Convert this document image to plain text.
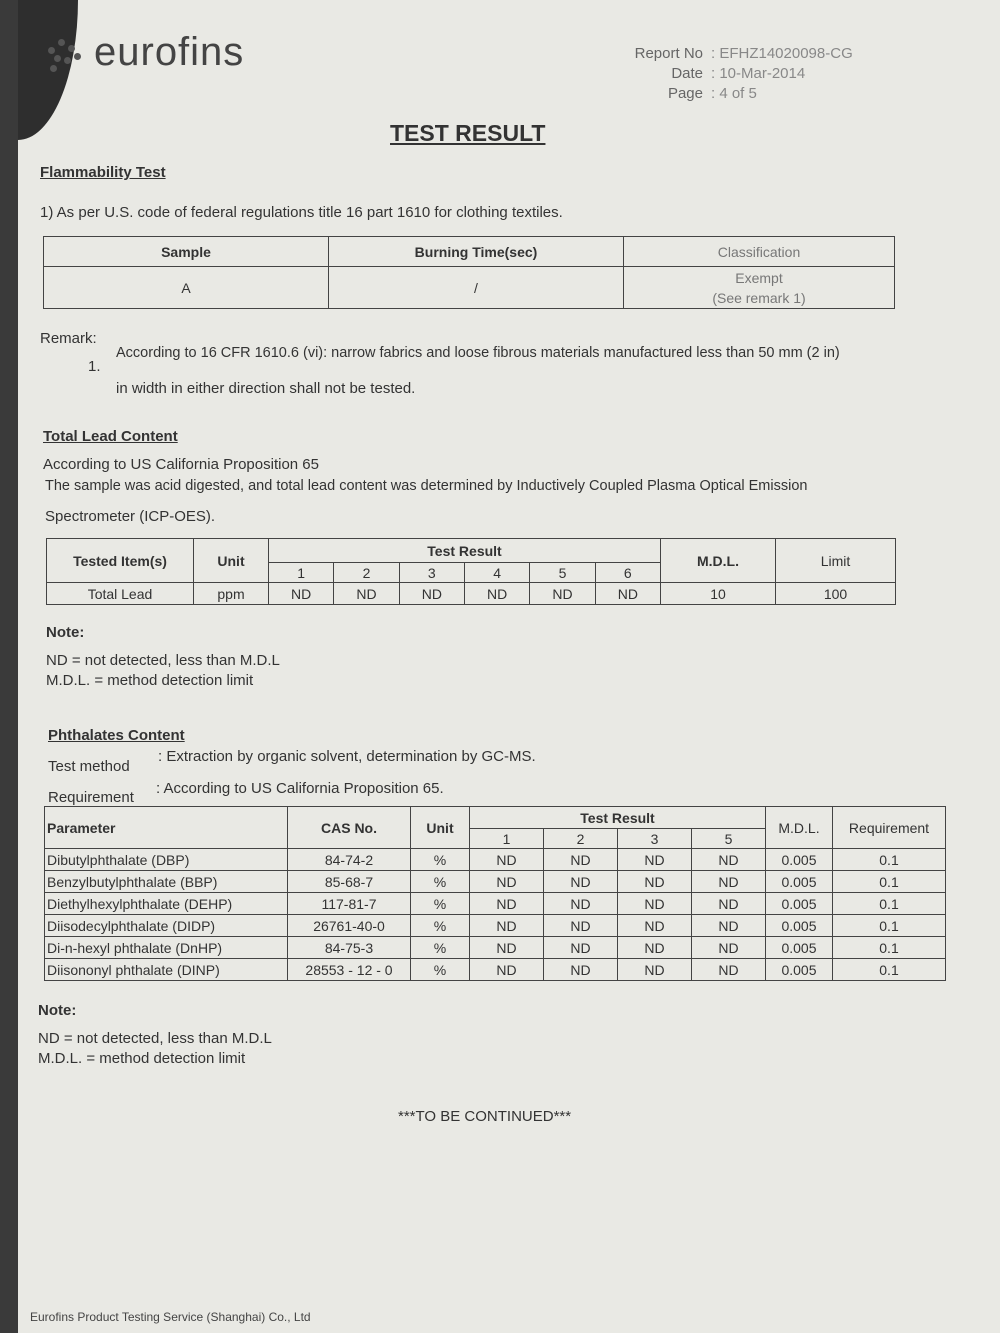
eurofins	Report No : EFHZ14020098-CG
Date : 10-Mar-2014
Page : 4 of 5
TEST RESULT
Flammability Test
1) As per U.S. code of federal regulations title 16 part 1610 for clothing textiles.
Sample	Burning Time(sec)	Classification
A	/	Exempt
(See remark 1)
Remark:
1.
According to 16 CFR 1610.6 (vi): narrow fabrics and loose fibrous materials manufactured less than 50 mm (2 in)
in width in either direction shall not be tested.
Total Lead Content
According to US California Proposition 65
The sample was acid digested, and total lead content was determined by Inductively Coupled Plasma Optical Emission
Spectrometer (ICP-OES).
Tested Item(s)	Unit	Test Result						M.D.L.	Limit
		1	2	3	4	5	6		
Total Lead	ppm	ND	ND	ND	ND	ND	ND	10	100
Note:
ND = not detected, less than M.D.L
M.D.L. = method detection limit
Phthalates Content
Test method
: Extraction by organic solvent, determination by GC-MS.
Requirement
: According to US California Proposition 65.
Parameter	CAS No.	Unit	Test Result				M.D.L.	Requirement
			1	2	3	5		
Dibutylphthalate (DBP)	84-74-2	%	ND	ND	ND	ND	0.005	0.1
Benzylbutylphthalate (BBP)	85-68-7	%	ND	ND	ND	ND	0.005	0.1
Diethylhexylphthalate (DEHP)	117-81-7	%	ND	ND	ND	ND	0.005	0.1
Diisodecylphthalate (DIDP)	26761-40-0	%	ND	ND	ND	ND	0.005	0.1
Di-n-hexyl phthalate (DnHP)	84-75-3	%	ND	ND	ND	ND	0.005	0.1
Diisononyl phthalate (DINP)	28553 - 12 - 0	%	ND	ND	ND	ND	0.005	0.1
Note:
ND = not detected, less than M.D.L
M.D.L. = method detection limit
***TO BE CONTINUED***
Eurofins Product Testing Service (Shanghai) Co., Ltd
